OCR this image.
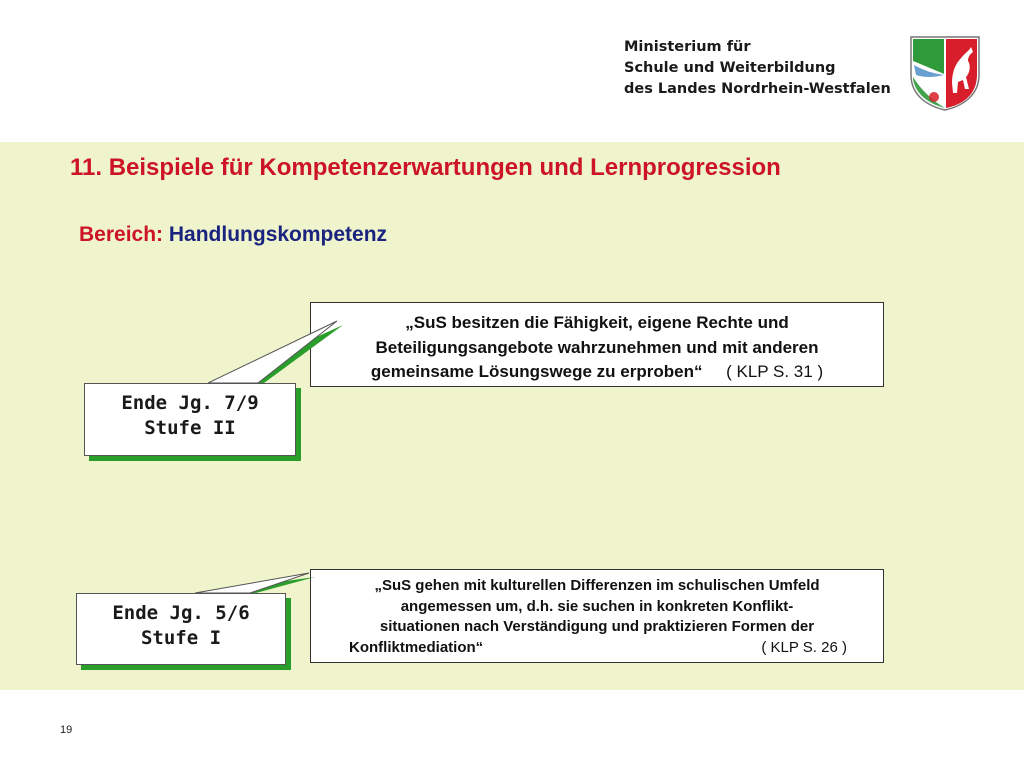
Ministerium für
Schule und Weiterbildung
des Landes Nordrhein-Westfalen
11. Beispiele für Kompetenzerwartungen und Lernprogression
Bereich: Handlungskompetenz
„SuS besitzen die Fähigkeit, eigene Rechte und
Beteiligungsangebote wahrzunehmen und mit anderen
gemeinsame Lösungswege zu erproben“ ( KLP S. 31 )
„SuS gehen mit kulturellen Differenzen im schulischen Umfeld
angemessen um, d.h. sie suchen in konkreten Konflikt-
situationen nach Verständigung und praktizieren Formen der
Konfliktmediation“	( KLP S. 26 )
Ende Jg. 7/9
Stufe II
Ende Jg. 5/6
Stufe I
19
